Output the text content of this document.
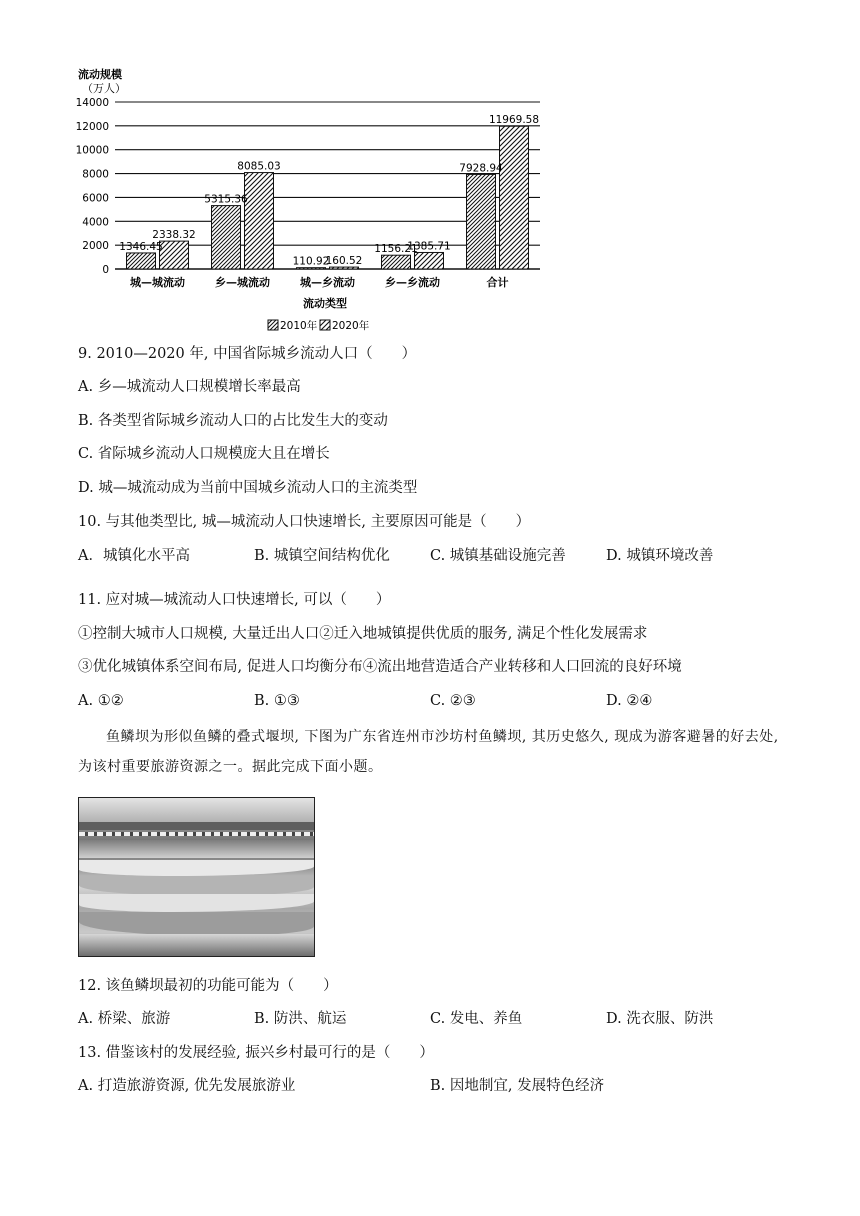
流动规模
（万人）
14000
12000
10000
8000
6000
4000
2000
0
1346.45
2338.32
城—城流动
5315.36
8085.03
乡—城流动
110.92
160.52
城—乡流动
1156.21
1385.71
乡—乡流动
7928.94
11969.58
合计
流动类型
2010年 2020年
9. 2010—2020 年, 中国省际城乡流动人口（　　）
A. 乡—城流动人口规模增长率最高
B. 各类型省际城乡流动人口的占比发生大的变动
C. 省际城乡流动人口规模庞大且在增长
D. 城—城流动成为当前中国城乡流动人口的主流类型
10. 与其他类型比, 城—城流动人口快速增长, 主要原因可能是（　　）
A．城镇化水平高	B. 城镇空间结构优化	C. 城镇基础设施完善	D. 城镇环境改善
11. 应对城—城流动人口快速增长, 可以（　　）
①控制大城市人口规模, 大量迁出人口②迁入地城镇提供优质的服务, 满足个性化发展需求
③优化城镇体系空间布局, 促进人口均衡分布④流出地营造适合产业转移和人口回流的良好环境
A. ①②	B. ①③	C. ②③	D. ②④
鱼鳞坝为形似鱼鳞的叠式堰坝, 下图为广东省连州市沙坊村鱼鳞坝, 其历史悠久, 现成为游客避暑的好去处, 为该村重要旅游资源之一。据此完成下面小题。
12. 该鱼鳞坝最初的功能可能为（　　）
A. 桥梁、旅游	B. 防洪、航运	C. 发电、养鱼	D. 洗衣服、防洪
13. 借鉴该村的发展经验, 振兴乡村最可行的是（　　）
A. 打造旅游资源, 优先发展旅游业	B. 因地制宜, 发展特色经济
